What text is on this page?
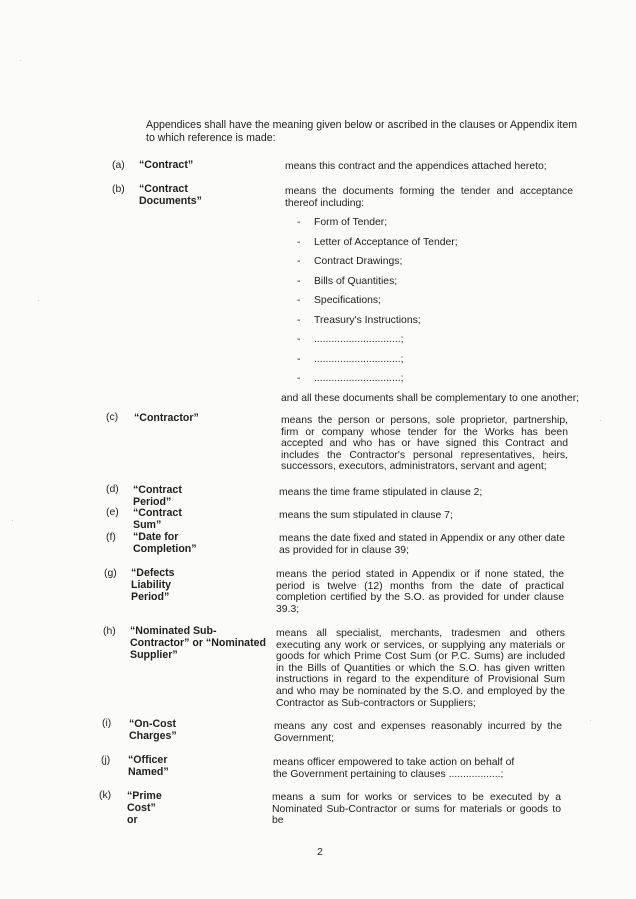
Appendices shall have the meaning given below or ascribed in the clauses or Appendix item to which reference is made:

(a) “Contract”	means this contract and the appendices attached hereto;

(b) “Contract Documents”

means the documents forming the tender and acceptance thereof including:

- Form of Tender;
- Letter of Acceptance of Tender;
- Contract Drawings;
- Bills of Quantities;
- Specifications;
- Treasury's Instructions;
- ..............................;
- ..............................;
- ..............................;

and all these documents shall be complementary to one another;

(c) “Contractor”	means the person or persons, sole proprietor, partnership, firm or company whose tender for the Works has been accepted and who has or have signed this Contract and includes the Contractor's personal representatives, heirs, successors, executors, administrators, servant and agent;

(d) “Contract Period”

means the time frame stipulated in clause 2;

(e) “Contract Sum”

means the sum stipulated in clause 7;

(f) “Date for Completion”

means the date fixed and stated in Appendix or any other date as provided for in clause 39;

(g) “Defects Liability Period”

means the period stated in Appendix or if none stated, the period is twelve (12) months from the date of practical completion certified by the S.O. as provided for under clause 39.3;

(h) “Nominated Sub-Contractor” or “Nominated Supplier”

means all specialist, merchants, tradesmen and others executing any work or services, or supplying any materials or goods for which Prime Cost Sum (or P.C. Sums) are included in the Bills of Quantities or which the S.O. has given written instructions in regard to the expenditure of Provisional Sum and who may be nominated by the S.O. and employed by the Contractor as Sub-contractors or Suppliers;

(i) “On-Cost Charges”

means any cost and expenses reasonably incurred by the Government;

(j) “Officer Named”

means officer empowered to take action on behalf of the Government pertaining to clauses ..................;

(k) “Prime Cost” or

means a sum for works or services to be executed by a Nominated Sub-Contractor or sums for materials or goods to be

2
